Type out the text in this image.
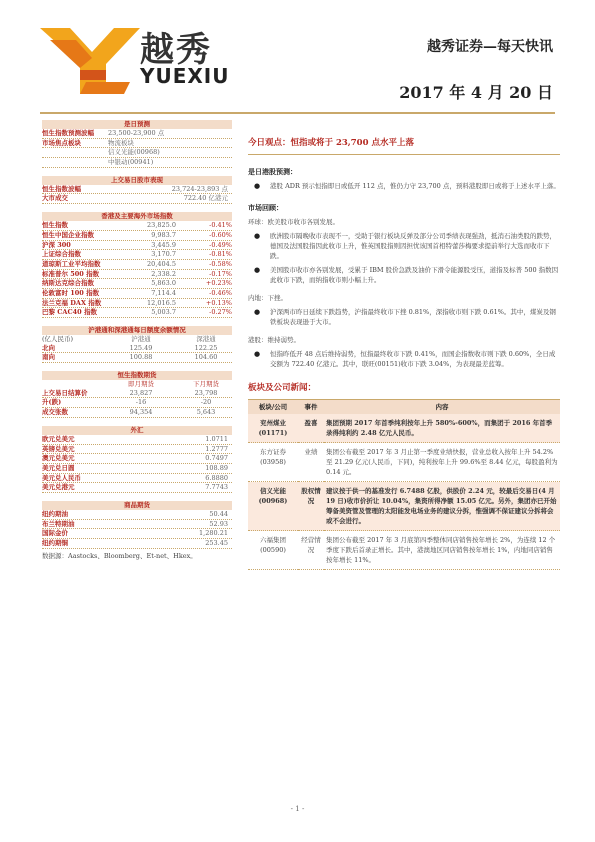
越秀
YUEXIU
越秀证券—每天快讯
2017 年 4 月 20 日
是日预测
恒生指数预测波幅	23,500-23,900 点
市场焦点板块	物流板块
信义光能(00968)
中银动(00941)
上交易日股市表现
恒生指数波幅	23,724-23,893 点
大市成交	722.40 亿港元
香港及主要海外市场指数
恒生指数	23,825.0	-0.41%
恒生中国企业指数	9,983.7	-0.60%
沪深 300	3,445.9	-0.49%
上证综合指数	3,170.7	-0.81%
道琼斯工业平均指数	20,404.5	-0.58%
标准普尔 500 指数	2,338.2	-0.17%
纳斯达克综合指数	5,863.0	+0.23%
伦敦富时 100 指数	7,114.4	-0.46%
法兰克福 DAX 指数	12,016.5	+0.13%
巴黎 CAC40 指数	5,003.7	-0.27%
沪港通和深港通每日额度余额情况
(亿人民币)	沪港通	深港通
北向	125.49	122.25
南向	100.88	104.60
恒生指数期货
即月期货	下月期货
上交易日结算价	23,827	23,798
升(跌)	-16	-20
成交张数	94,354	5,643
外汇
欧元兑美元	1.0711
英镑兑美元	1.2777
澳元兑美元	0.7497
美元兑日圆	108.89
美元兑人民币	6.8880
美元兑港元	7.7743
商品期货
纽约期油	50.44
布兰特期油	52.93
国际金价	1,280.21
纽约期铜	253.45
数据源：Aastocks、Bloomberg、Et-net、Hkex。
今日观点：恒指或将于 23,700 点水平上落
是日港股预测：
●	港股 ADR 预示恒指即日或低开 112 点，惟仍力守 23,700 点，预料港股即日或将于上述水平上落。
市场回顾：
环球：欧美股市收市各别发展。
●	欧洲股市隔晚收市表现不一，受助于银行板块反弹及部分公司季绩表现强劲，抵消石油类股的跌势，德国及法国股指因此收市上升，惟英国股指则因担忧该国首相特蕾莎梅要求提前举行大选而收市下跌。
●	美国股市收市亦各别发展，受累于 IBM 股价急跌及油价下滑令能源股受压，道指及标普 500 指数因此收市下跌，而纳指收市则小幅上升。
内地：下挫。
●	沪深两市昨日延续下跌趋势，沪指最终收市下挫 0.81%，深指收市则下跌 0.61%。其中，煤炭及钢铁板块表现逊于大市。
港股：维持弱势。
●	恒指昨低开 48 点后维持弱势，恒指最终收市下跌 0.41%，而国企指数收市则下跌 0.60%，全日成交额为 722.40 亿港元。其中，联旺(00151)收市下跌 3.04%，为表现最差蓝筹。
板块及公司新闻：
板块/公司	事件	内容
兖州煤业 (01171)	盈喜	集团预期 2017 年首季纯利按年上升 580%-600%，而集团于 2016 年首季录得纯利约 2.48 亿元人民币。
东方证券 (03958)	业绩	集团公布截至 2017 年 3 月止第一季度业绩快报，营业总收入按年上升 54.2%至 21.29 亿元(人民币，下同)，纯利按年上升 99.6%至 8.44 亿元，每股盈利为 0.14 元。
信义光能 (00968)	股权情况	建议按于供一的基准发行 6.7488 亿股，供股价 2.24 元，较最后交易日(4 月 19 日)收市价折让 10.04%，集资所得净额 15.05 亿元。另外，集团亦已开始筹备美资管及管理的太阳能发电场业务的建议分拆，惟强调不保证建议分拆将会或不会进行。
六福集团 (00590)	经营情况	集团公布截至 2017 年 3 月底第四季整体同店销售按年增长 2%，为连续 12 个季度下跌后首录正增长。其中，港澳地区同店销售按年增长 1%，内地同店销售按年增长 11%。
- 1 -
